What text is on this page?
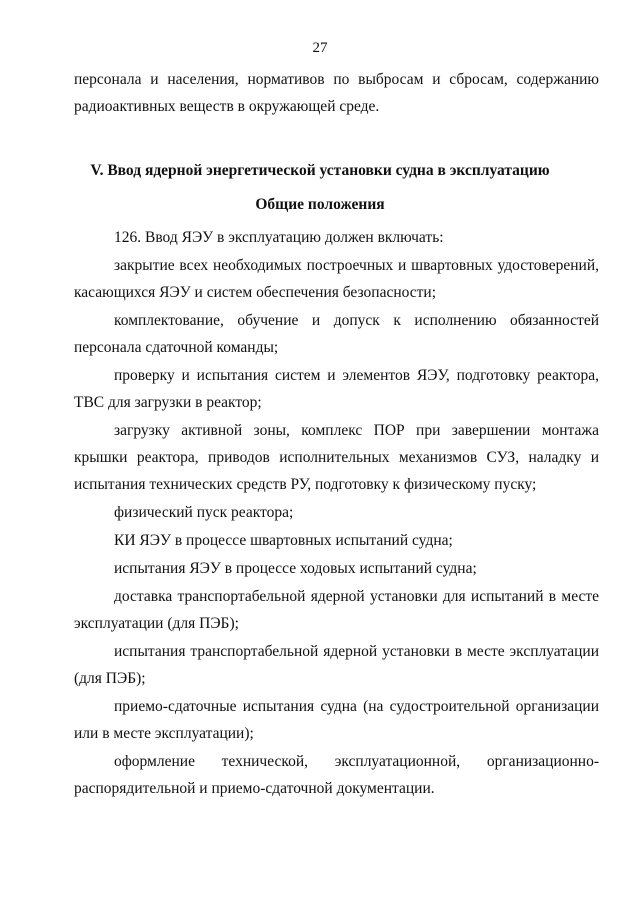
27

персонала и населения, нормативов по выбросам и сбросам, содержанию радиоактивных веществ в окружающей среде.

V. Ввод ядерной энергетической установки судна в эксплуатацию
Общие положения

126. Ввод ЯЭУ в эксплуатацию должен включать:

закрытие всех необходимых построечных и швартовных удостоверений, касающихся ЯЭУ и систем обеспечения безопасности;

комплектование, обучение и допуск к исполнению обязанностей персонала сдаточной команды;

проверку и испытания систем и элементов ЯЭУ, подготовку реактора, ТВС для загрузки в реактор;

загрузку активной зоны, комплекс ПОР при завершении монтажа крышки реактора, приводов исполнительных механизмов СУЗ, наладку и испытания технических средств РУ, подготовку к физическому пуску;

физический пуск реактора;

КИ ЯЭУ в процессе швартовных испытаний судна;

испытания ЯЭУ в процессе ходовых испытаний судна;

доставка транспортабельной ядерной установки для испытаний в месте эксплуатации (для ПЭБ);

испытания транспортабельной ядерной установки в месте эксплуатации (для ПЭБ);

приемо-сдаточные испытания судна (на судостроительной организации или в месте эксплуатации);

оформление технической, эксплуатационной, организационно-распорядительной и приемо-сдаточной документации.
